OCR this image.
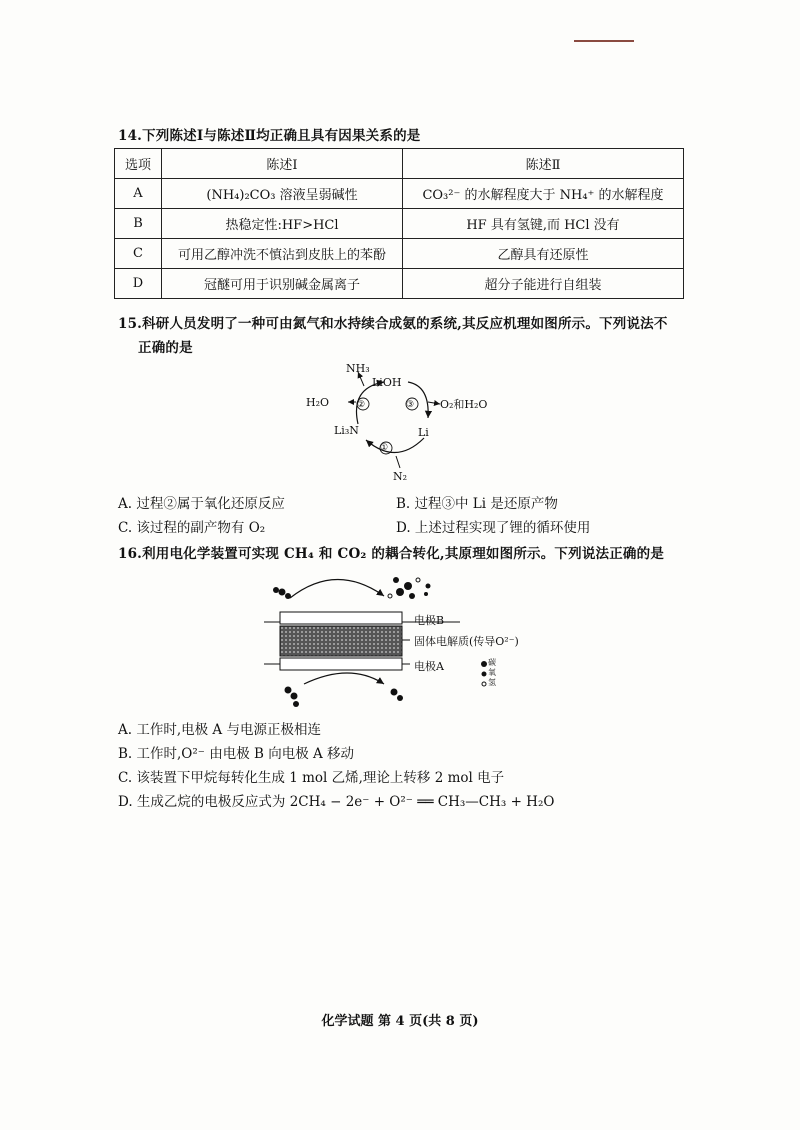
14.下列陈述Ⅰ与陈述Ⅱ均正确且具有因果关系的是
选项	陈述Ⅰ	陈述Ⅱ
A	(NH₄)₂CO₃ 溶液呈弱碱性	CO₃²⁻ 的水解程度大于 NH₄⁺ 的水解程度
B	热稳定性:HF>HCl	HF 具有氢键,而 HCl 没有
C	可用乙醇冲洗不慎沾到皮肤上的苯酚	乙醇具有还原性
D	冠醚可用于识别碱金属离子	超分子能进行自组装
15.科研人员发明了一种可由氮气和水持续合成氨的系统,其反应机理如图所示。下列说法不
正确的是
NH₃
LiOH
H₂O	O₂和H₂O
Li₃N	Li
N₂
②	③
①
A. 过程②属于氧化还原反应	B. 过程③中 Li 是还原产物
C. 该过程的副产物有 O₂	D. 上述过程实现了锂的循环使用
16.利用电化学装置可实现 CH₄ 和 CO₂ 的耦合转化,其原理如图所示。下列说法正确的是
电极B
固体电解质(传导O²⁻)
电极A	碳
氧
氢
A. 工作时,电极 A 与电源正极相连
B. 工作时,O²⁻ 由电极 B 向电极 A 移动
C. 该装置下甲烷每转化生成 1 mol 乙烯,理论上转移 2 mol 电子
D. 生成乙烷的电极反应式为 2CH₄ − 2e⁻ + O²⁻ ══ CH₃—CH₃ + H₂O
化学试题 第 4 页(共 8 页)
